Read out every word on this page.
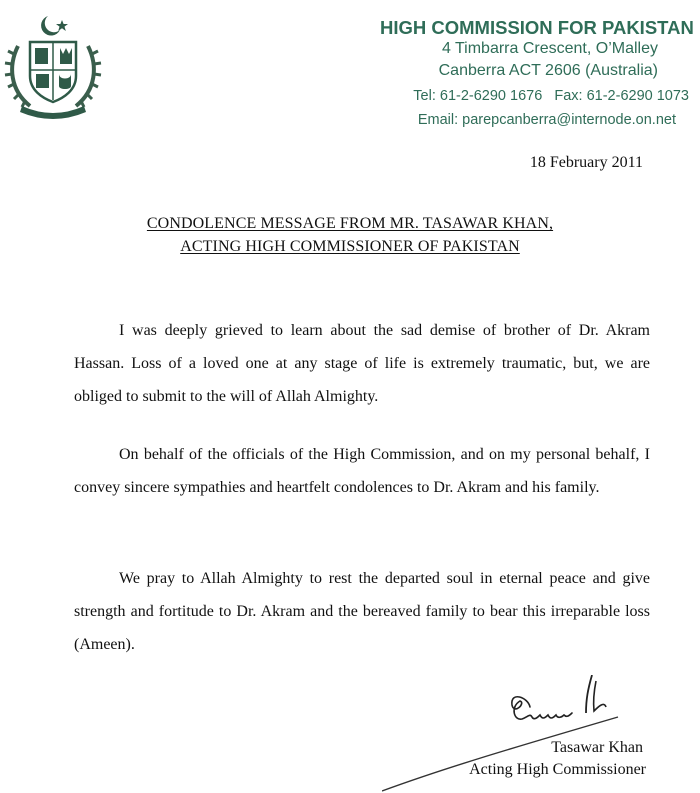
HIGH COMMISSION FOR PAKISTAN

4 Timbarra Crescent, O’Malley

Canberra ACT 2606 (Australia)

Tel: 61-2-6290 1676   Fax: 61-2-6290 1073

Email: parepcanberra@internode.on.net

18 February 2011

CONDOLENCE MESSAGE FROM MR. TASAWAR KHAN,

ACTING HIGH COMMISSIONER OF PAKISTAN

I was deeply grieved to learn about the sad demise of brother of Dr. Akram Hassan. Loss of a loved one at any stage of life is extremely traumatic, but, we are obliged to submit to the will of Allah Almighty.

On behalf of the officials of the High Commission, and on my personal behalf, I convey sincere sympathies and heartfelt condolences to Dr. Akram and his family.

We pray to Allah Almighty to rest the departed soul in eternal peace and give strength and fortitude to Dr. Akram and the bereaved family to bear this irreparable loss (Ameen).

Tasawar Khan

Acting High Commissioner
